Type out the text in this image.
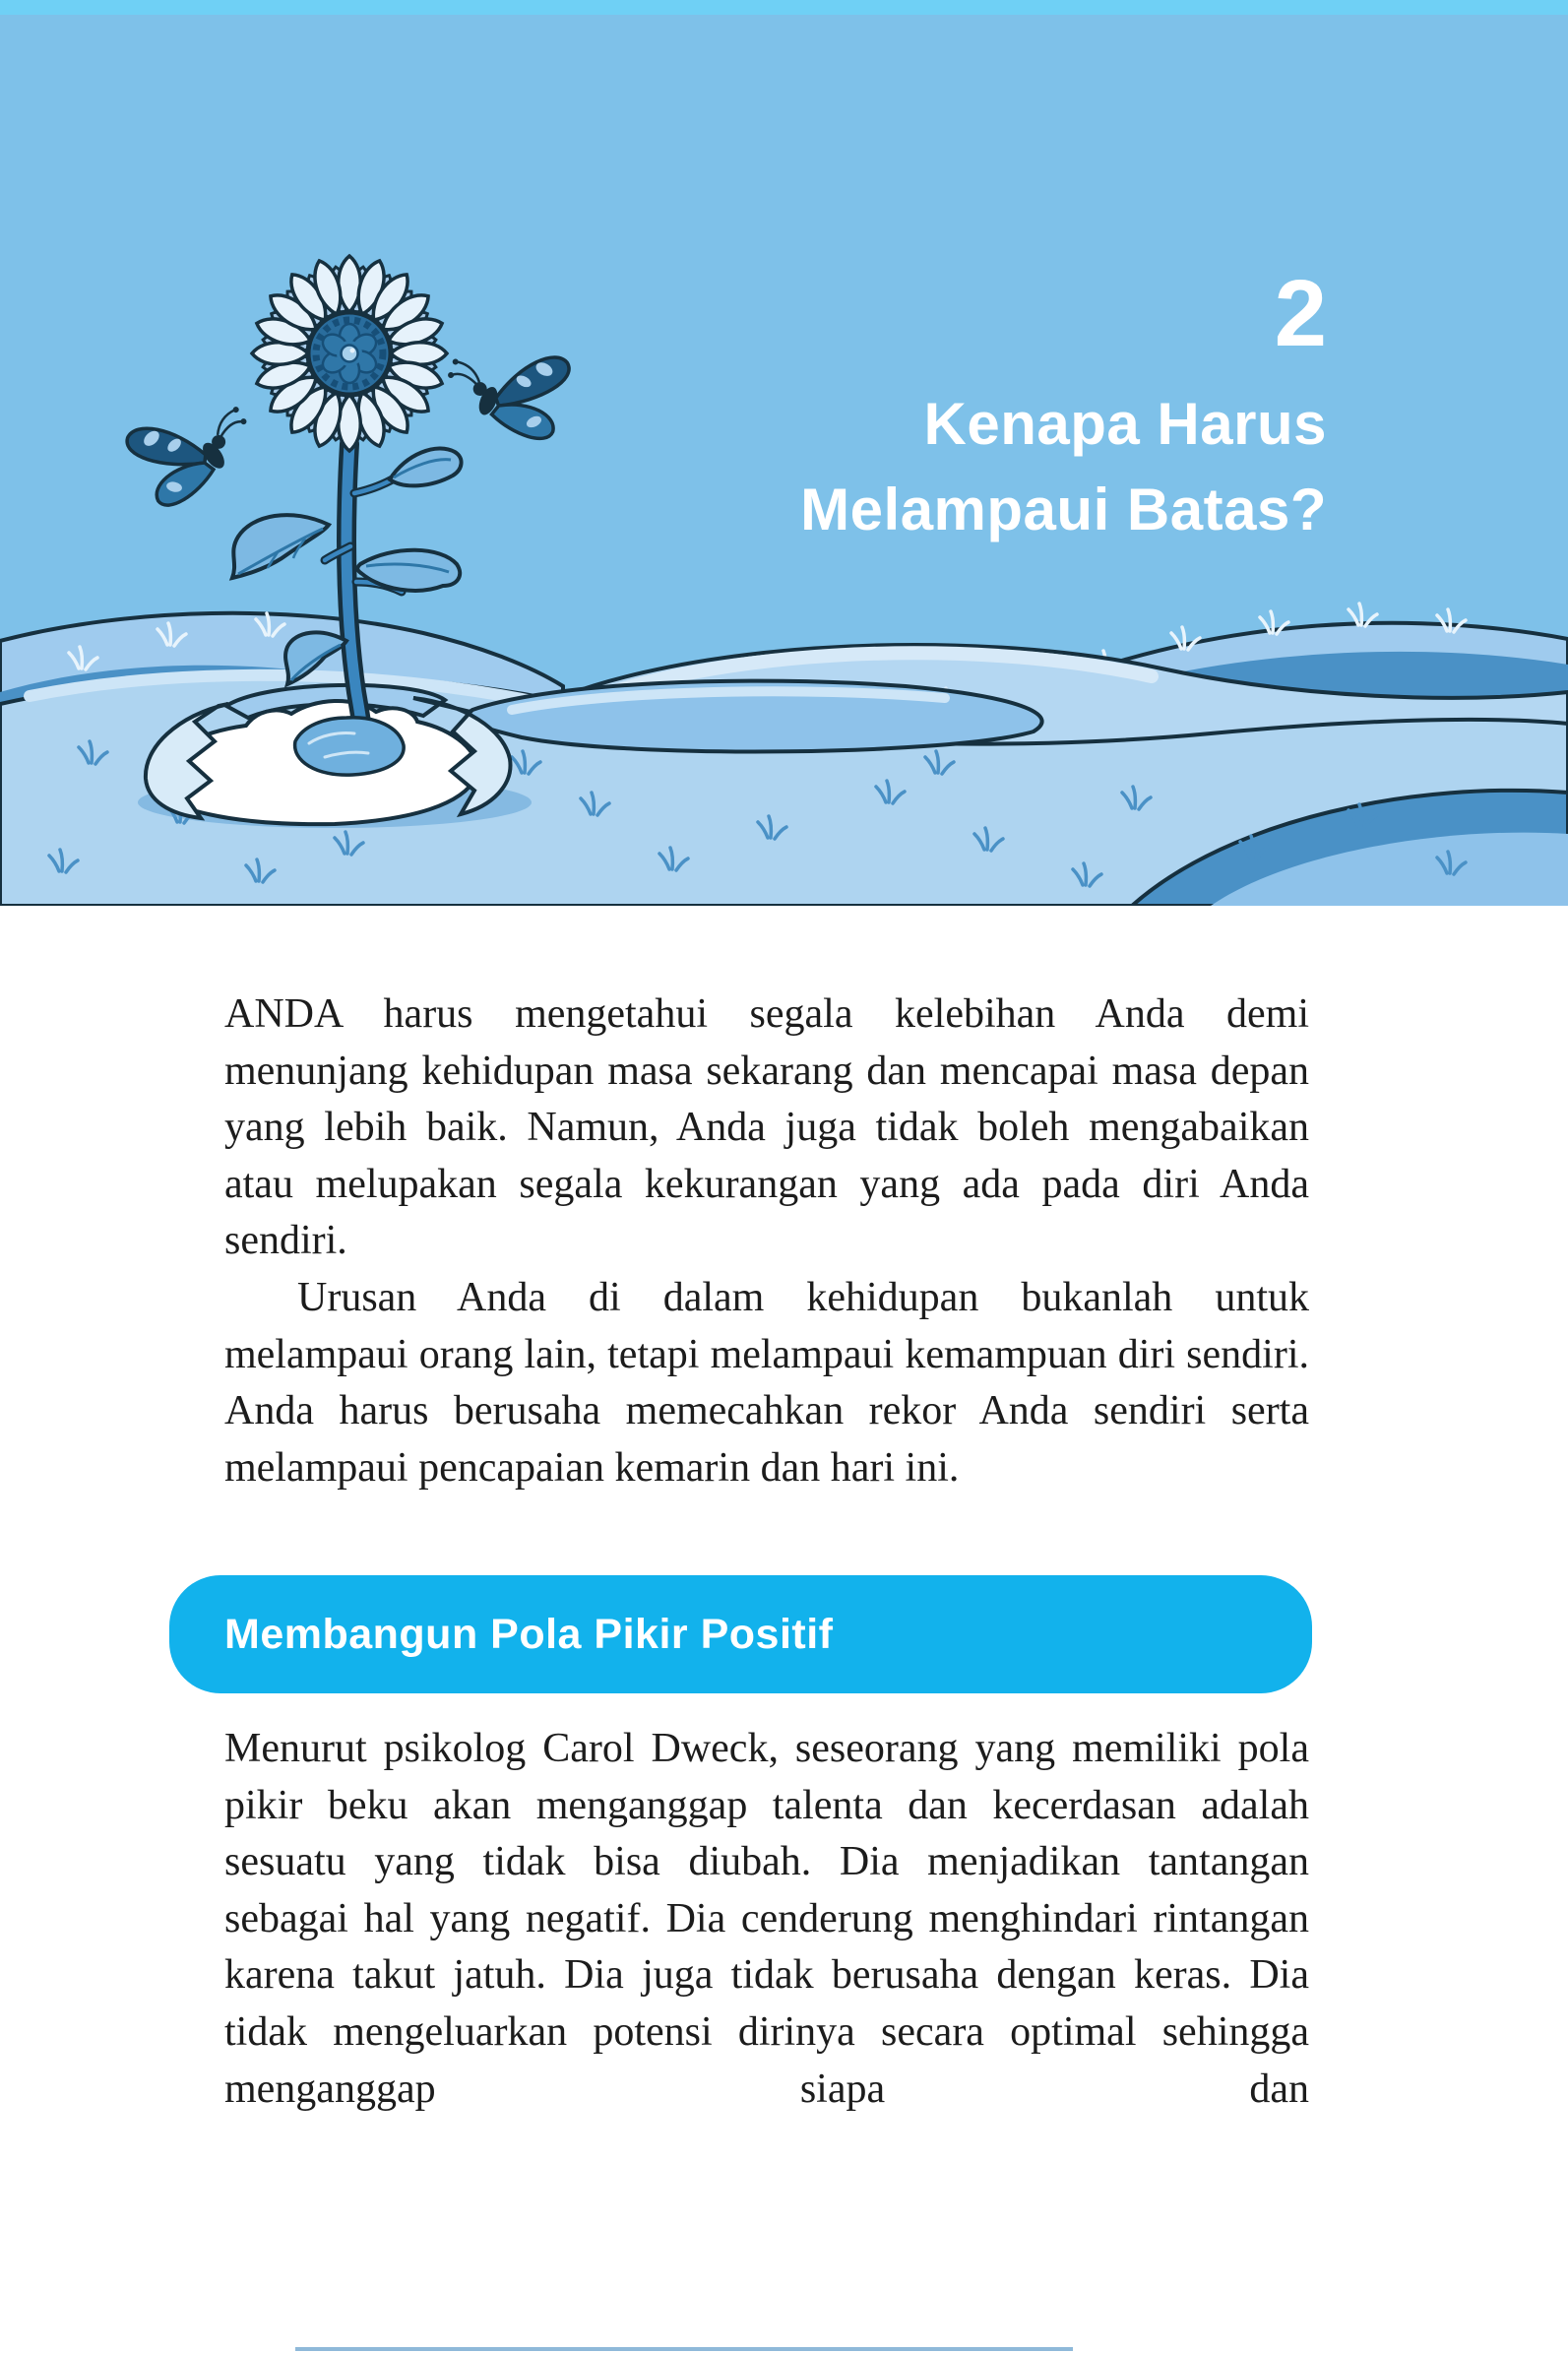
2
Kenapa Harus
Melampaui Batas?

ANDA harus mengetahui segala kelebihan Anda demi menunjang kehidupan masa sekarang dan mencapai masa depan yang lebih baik. Namun, Anda juga tidak boleh mengabaikan atau melupakan segala kekurangan yang ada pada diri Anda sendiri.

Urusan Anda di dalam kehidupan bukanlah untuk melampaui orang lain, tetapi melampaui kemampuan diri sendiri. Anda harus berusaha memecahkan rekor Anda sendiri serta melampaui pencapaian kemarin dan hari ini.

Membangun Pola Pikir Positif

Menurut psikolog Carol Dweck, seseorang yang memiliki pola pikir beku akan menganggap talenta dan kecerdasan adalah sesuatu yang tidak bisa diubah. Dia menjadikan tantangan sebagai hal yang negatif. Dia cenderung menghindari rintangan karena takut jatuh. Dia juga tidak berusaha dengan keras. Dia tidak mengeluarkan potensi dirinya secara optimal sehingga menganggap siapa dan
